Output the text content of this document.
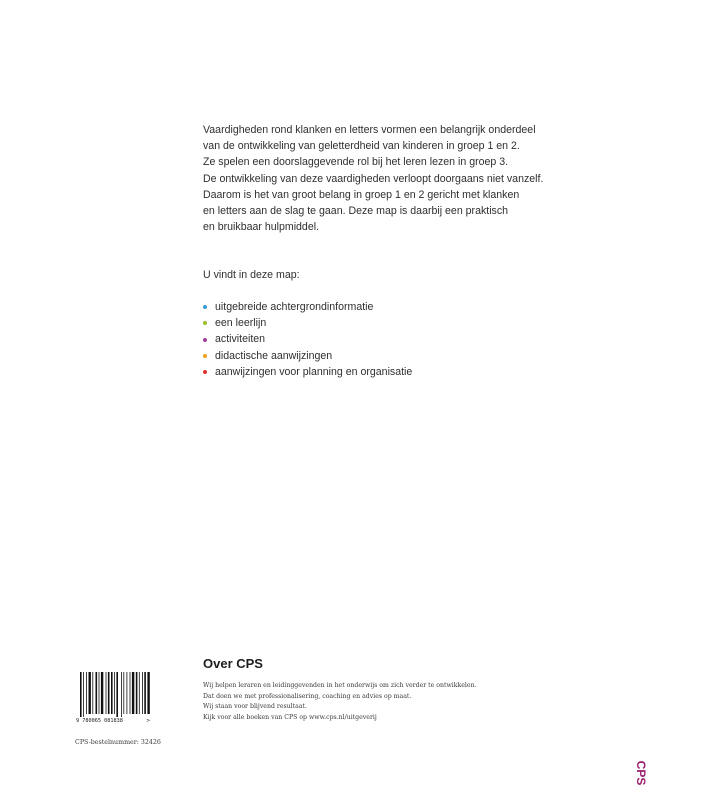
Vaardigheden rond klanken en letters vormen een belangrijk onderdeel

van de ontwikkeling van geletterdheid van kinderen in groep 1 en 2.

Ze spelen een doorslaggevende rol bij het leren lezen in groep 3.

De ontwikkeling van deze vaardigheden verloopt doorgaans niet vanzelf.

Daarom is het van groot belang in groep 1 en 2 gericht met klanken

en letters aan de slag te gaan. Deze map is daarbij een praktisch

en bruikbaar hulpmiddel.

U vindt in deze map:

uitgebreide achtergrondinformatie
een leerlijn
activiteiten
didactische aanwijzingen
aanwijzingen voor planning en organisatie
Over CPS

Wij helpen leraren en leidinggevenden in het onderwijs om zich verder te ontwikkelen.

Dat doen we met professionalisering, coaching en advies op maat.

Wij staan voor blijvend resultaat.

Kijk voor alle boeken van CPS op www.cps.nl/uitgeverij

9 780065 081838	>

CPS-bestelnummer: 32426

CPS
